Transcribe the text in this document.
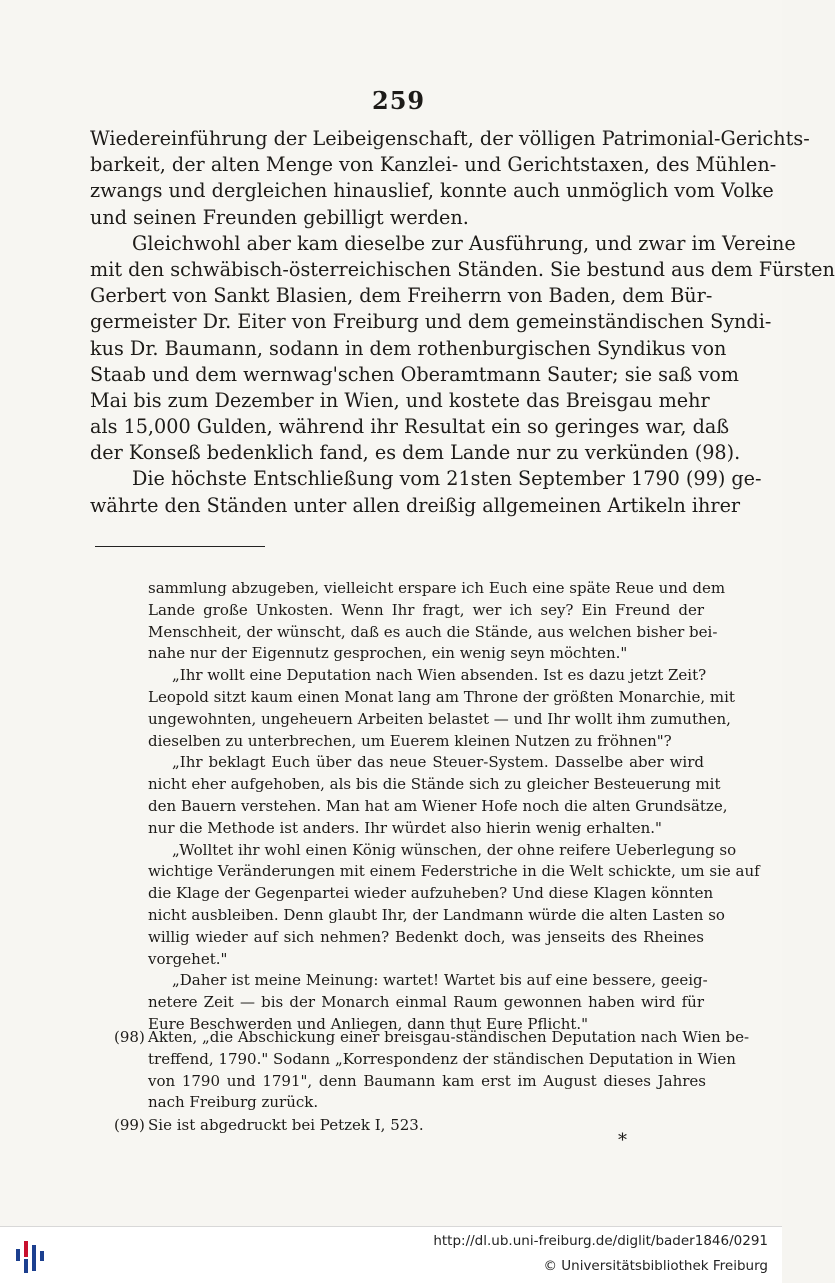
259
Wiedereinführung der Leibeigenschaft, der völligen Patrimonial-Gerichts-
barkeit, der alten Menge von Kanzlei- und Gerichtstaxen, des Mühlen-
zwangs und dergleichen hinauslief, konnte auch unmöglich vom Volke
und seinen Freunden gebilligt werden.
Gleichwohl aber kam dieselbe zur Ausführung, und zwar im Vereine
mit den schwäbisch-österreichischen Ständen. Sie bestund aus dem Fürsten
Gerbert von Sankt Blasien, dem Freiherrn von Baden, dem Bür-
germeister Dr. Eiter von Freiburg und dem gemeinständischen Syndi-
kus Dr. Baumann, sodann in dem rothenburgischen Syndikus von
Staab und dem wernwag'schen Oberamtmann Sauter; sie saß vom
Mai bis zum Dezember in Wien, und kostete das Breisgau mehr
als 15,000 Gulden, während ihr Resultat ein so geringes war, daß
der Konseß bedenklich fand, es dem Lande nur zu verkünden (98).
Die höchste Entschließung vom 21sten September 1790 (99) ge-
währte den Ständen unter allen dreißig allgemeinen Artikeln ihrer
sammlung abzugeben, vielleicht erspare ich Euch eine späte Reue und dem
Lande große Unkosten. Wenn Ihr fragt, wer ich sey? Ein Freund der
Menschheit, der wünscht, daß es auch die Stände, aus welchen bisher bei-
nahe nur der Eigennutz gesprochen, ein wenig seyn möchten."
„Ihr wollt eine Deputation nach Wien absenden. Ist es dazu jetzt Zeit?
Leopold sitzt kaum einen Monat lang am Throne der größten Monarchie, mit
ungewohnten, ungeheuern Arbeiten belastet — und Ihr wollt ihm zumuthen,
dieselben zu unterbrechen, um Euerem kleinen Nutzen zu fröhnen"?
„Ihr beklagt Euch über das neue Steuer-System. Dasselbe aber wird
nicht eher aufgehoben, als bis die Stände sich zu gleicher Besteuerung mit
den Bauern verstehen. Man hat am Wiener Hofe noch die alten Grundsätze,
nur die Methode ist anders. Ihr würdet also hierin wenig erhalten."
„Wolltet ihr wohl einen König wünschen, der ohne reifere Ueberlegung so
wichtige Veränderungen mit einem Federstriche in die Welt schickte, um sie auf
die Klage der Gegenpartei wieder aufzuheben? Und diese Klagen könnten
nicht ausbleiben. Denn glaubt Ihr, der Landmann würde die alten Lasten so
willig wieder auf sich nehmen? Bedenkt doch, was jenseits des Rheines
vorgehet."
„Daher ist meine Meinung: wartet! Wartet bis auf eine bessere, geeig-
netere Zeit — bis der Monarch einmal Raum gewonnen haben wird für
Eure Beschwerden und Anliegen, dann thut Eure Pflicht."
(98) Akten, „die Abschickung einer breisgau-ständischen Deputation nach Wien be-
treffend, 1790." Sodann „Korrespondenz der ständischen Deputation in Wien
von 1790 und 1791", denn Baumann kam erst im August dieses Jahres
nach Freiburg zurück.
(99) Sie ist abgedruckt bei Petzek I, 523.
*
http://dl.ub.uni-freiburg.de/diglit/bader1846/0291
© Universitätsbibliothek Freiburg
